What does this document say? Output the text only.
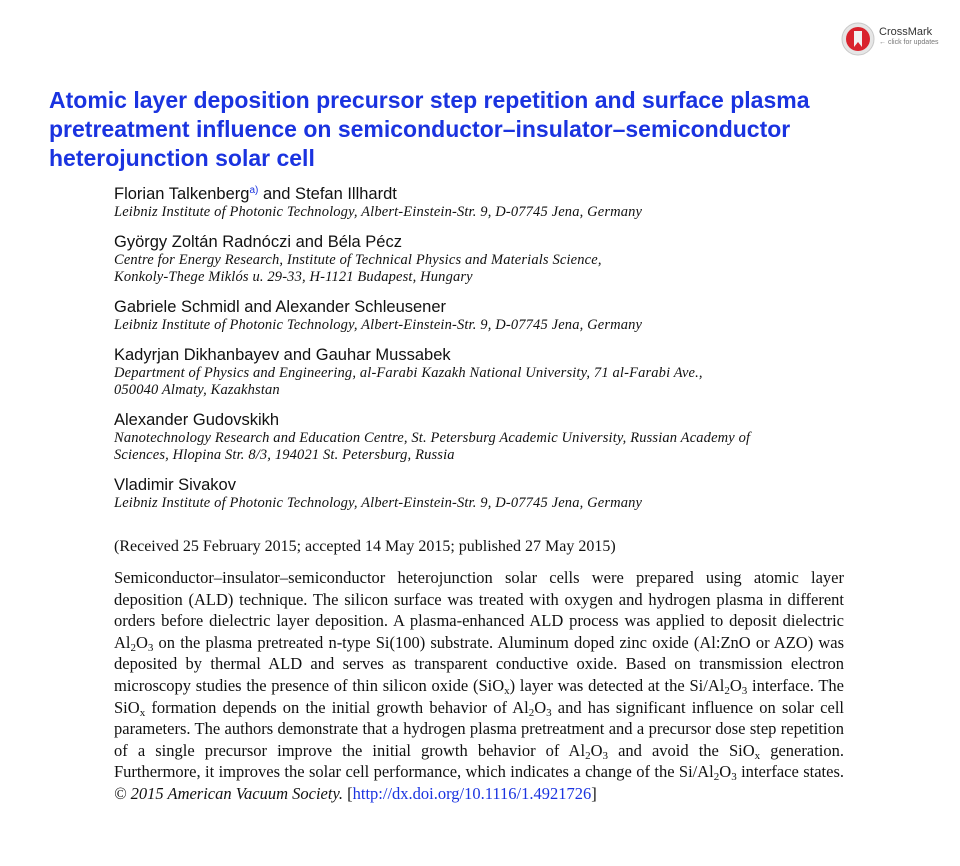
CrossMark
← click for updates
Atomic layer deposition precursor step repetition and surface plasma pretreatment influence on semiconductor–insulator–semiconductor heterojunction solar cell
Florian Talkenberg$^{a)}$ and Stefan Illhardt
Leibniz Institute of Photonic Technology, Albert-Einstein-Str. 9, D-07745 Jena, Germany
György Zoltán Radnóczi and Béla Pécz
Centre for Energy Research, Institute of Technical Physics and Materials Science,
Konkoly-Thege Miklós u. 29-33, H-1121 Budapest, Hungary
Gabriele Schmidl and Alexander Schleusener
Leibniz Institute of Photonic Technology, Albert-Einstein-Str. 9, D-07745 Jena, Germany
Kadyrjan Dikhanbayev and Gauhar Mussabek
Department of Physics and Engineering, al-Farabi Kazakh National University, 71 al-Farabi Ave.,
050040 Almaty, Kazakhstan
Alexander Gudovskikh
Nanotechnology Research and Education Centre, St. Petersburg Academic University, Russian Academy of
Sciences, Hlopina Str. 8/3, 194021 St. Petersburg, Russia
Vladimir Sivakov
Leibniz Institute of Photonic Technology, Albert-Einstein-Str. 9, D-07745 Jena, Germany
(Received 25 February 2015; accepted 14 May 2015; published 27 May 2015)

Semiconductor–insulator–semiconductor heterojunction solar cells were prepared using atomic layer deposition (ALD) technique. The silicon surface was treated with oxygen and hydrogen plasma in different orders before dielectric layer deposition. A plasma-enhanced ALD process was applied to deposit dielectric $Al_2O_3$ on the plasma pretreated n-type Si(100) substrate. Aluminum doped zinc oxide (Al:ZnO or AZO) was deposited by thermal ALD and serves as transparent conductive oxide. Based on transmission electron microscopy studies the presence of thin silicon oxide (SiO$_x$) layer was detected at the $Si/Al_2O_3$ interface. The SiO$_x$ formation depends on the initial growth behavior of $Al_2O_3$ and has significant influence on solar cell parameters. The authors demonstrate that a hydrogen plasma pretreatment and a precursor dose step repetition of a single precursor improve the initial growth behavior of $Al_2O_3$ and avoid the SiO$_x$ generation. Furthermore, it improves the solar cell performance, which indicates a change of the $Si/Al_2O_3$ interface states. © 2015 American Vacuum Society. [http://dx.doi.org/10.1116/1.4921726]
